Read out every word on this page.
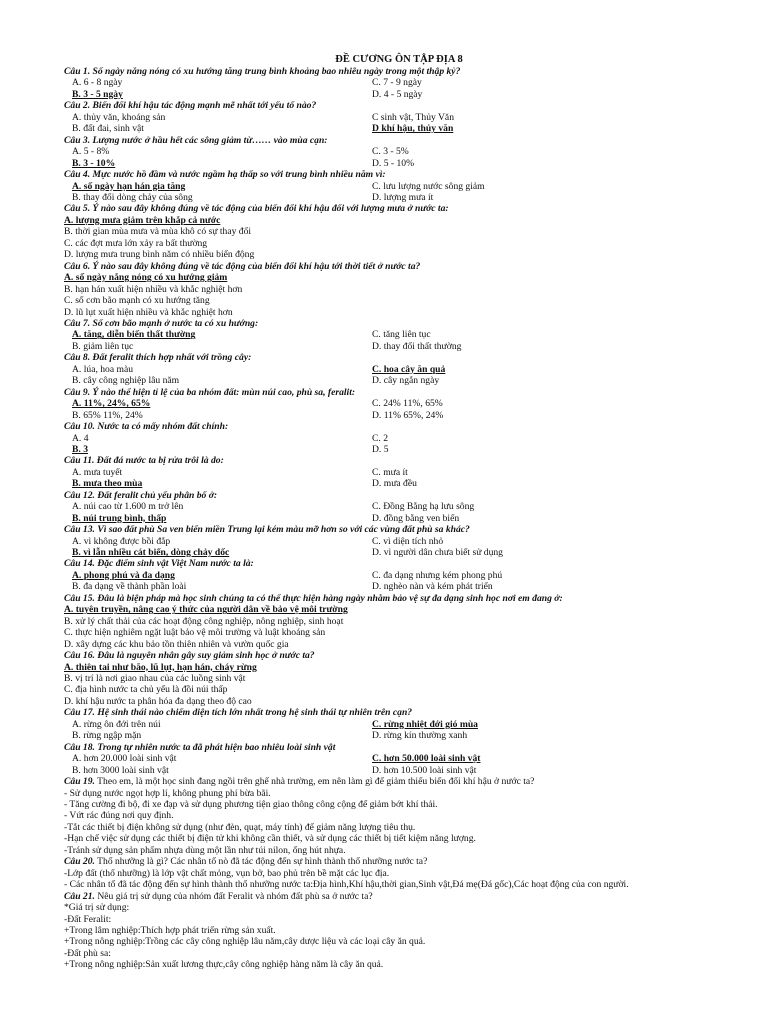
ĐỀ CƯƠNG ÔN TẬP ĐỊA 8
Câu 1. Số ngày nắng nóng có xu hướng tăng trung bình khoảng bao nhiêu ngày trong một thập kỷ?
A. 6 - 8 ngày	C. 7 - 9 ngày
B. 3 - 5 ngày	D. 4 - 5 ngày
Câu 2. Biến đổi khí hậu tác động mạnh mẽ nhất tới yếu tố nào?
A. thủy văn, khoáng sản	C sinh vật, Thủy Văn
B. đất đai, sinh vật	D khí hậu, thủy văn
Câu 3. Lượng nước ở hầu hết các sông giảm từ…… vào mùa cạn:
A. 5 - 8%	C. 3 - 5%
B. 3 - 10%	D. 5 - 10%
Câu 4. Mực nước hồ đầm và nước ngầm hạ thấp so với trung bình nhiều năm vì:
A. số ngày hạn hán gia tăng	C. lưu lượng nước sông giảm
B. thay đổi dòng chảy của sông	D. lượng mưa ít
Câu 5. Ý nào sau đây không đúng về tác động của biến đổi khí hậu đối với lượng mưa ở nước ta:
A. lượng mưa giảm trên khắp cả nước
B. thời gian mùa mưa và mùa khô có sự thay đổi
C. các đợt mưa lớn xảy ra bất thường
D. lượng mưa trung bình năm có nhiều biến động
Câu 6. Ý nào sau đây không đúng về tác động của biến đổi khí hậu tới thời tiết ở nước ta?
A. số ngày nắng nóng có xu hướng giảm
B. hạn hán xuất hiện nhiều và khắc nghiệt hơn
C. số cơn bão mạnh có xu hướng tăng
D. lũ lụt xuất hiện nhiều và khắc nghiệt hơn
Câu 7. Số cơn bão mạnh ở nước ta có xu hướng:
A. tăng, diễn biến thất thường	C. tăng liên tục
B. giảm liên tục	D. thay đổi thất thường
Câu 8. Đất feralit thích hợp nhất với trồng cây:
A. lúa, hoa màu	C. hoa cây ăn quả
B. cây công nghiệp lâu năm	D. cây ngắn ngày
Câu 9. Ý nào thể hiện tỉ lệ của ba nhóm đất: mùn núi cao, phù sa, feralit:
A. 11%, 24%, 65%	C. 24% 11%, 65%
B. 65% 11%, 24%	D. 11% 65%, 24%
Câu 10. Nước ta có mấy nhóm đất chính:
A. 4	C. 2
B. 3	D. 5
Câu 11. Đất đá nước ta bị rửa trôi là do:
A. mưa tuyết	C. mưa ít
B. mưa theo mùa	D. mưa đều
Câu 12. Đất feralit chủ yếu phân bố ở:
A. núi cao từ 1.600 m trở lên	C. Đồng Bằng hạ lưu sông
B. núi trung bình, thấp	D. đồng bằng ven biển
Câu 13. Vì sao đất phù Sa ven biển miền Trung lại kém màu mỡ hơn so với các vùng đất phù sa khác?
A. vì không được bồi đắp	C. vì diện tích nhỏ
B. vì lẫn nhiều cát biển, dòng chảy dốc	D. vì người dân chưa biết sử dụng
Câu 14. Đặc điểm sinh vật Việt Nam nước ta là:
A. phong phú và đa dạng	C. đa dạng nhưng kém phong phú
B. đa dạng về thành phần loài	D. nghèo nàn và kém phát triển
Câu 15. Đâu là biện pháp mà học sinh chúng ta có thể thực hiện hàng ngày nhằm bảo vệ sự đa dạng sinh học nơi em đang ở:
A. tuyên truyền, nâng cao ý thức của người dân về bảo vệ môi trường
B. xử lý chất thải của các hoạt động công nghiệp, nông nghiệp, sinh hoạt
C. thực hiện nghiêm ngặt luật bảo vệ môi trường và luật khoáng sản
D. xây dựng các khu bảo tồn thiên nhiên và vườn quốc gia
Câu 16. Đâu là nguyên nhân gây suy giảm sinh học ở nước ta?
A. thiên tai như bão, lũ lụt, hạn hán, cháy rừng
B. vị trí là nơi giao nhau của các luồng sinh vật
C. địa hình nước ta chủ yếu là đồi núi thấp
D. khí hậu nước ta phân hóa đa dạng theo độ cao
Câu 17. Hệ sinh thái nào chiếm diện tích lớn nhất trong hệ sinh thái tự nhiên trên cạn?
A. rừng ôn đới trên núi	C. rừng nhiệt đới gió mùa
B. rừng ngập mặn	D. rừng kín thường xanh
Câu 18. Trong tự nhiên nước ta đã phát hiện bao nhiêu loài sinh vật
A. hơn 20.000 loài sinh vật	C. hơn 50.000 loài sinh vật
B. hơn 3000 loài sinh vật	D. hơn 10.500 loài sinh vật
Câu 19. Theo em, là một học sinh đang ngồi trên ghế nhà trường, em nên làm gì để giảm thiểu biến đổi khí hậu ở nước ta?
- Sử dụng nước ngọt hợp lí, không phung phí bừa bãi.
- Tăng cường đi bộ, đi xe đạp và sử dụng phương tiện giao thông công cộng để giảm bớt khí thải.
- Vứt rác đúng nơi quy định.
-Tắt các thiết bị điện không sử dụng (như đèn, quạt, máy tính) để giảm năng lượng tiêu thụ.
-Hạn chế việc sử dụng các thiết bị điện tử khi không cần thiết, và sử dụng các thiết bị tiết kiệm năng lượng.
-Tránh sử dụng sản phẩm nhựa dùng một lần như túi nilon, ống hút nhựa.
Câu 20. Thổ nhưỡng là gì? Các nhân tố nò đã tác động đến sự hình thành thổ nhưỡng nước ta?
-Lớp đất (thổ nhưỡng) là lớp vật chất mỏng, vụn bở, bao phủ trên bề mặt các lục địa.
- Các nhân tố đã tác động đến sự hình thành thổ nhưỡng nước ta:Địa hình,Khí hậu,thời gian,Sinh vật,Đá mẹ(Đá gốc),Các hoạt động của con người.
Câu 21. Nêu giá trị sử dụng của nhóm đất Feralit và nhóm đất phù sa ở nước ta?
*Giá trị sử dụng:
-Đất Feralit:
+Trong lâm nghiệp:Thích hợp phát triển rừng sản xuất.
+Trong nông nghiệp:Trồng các cây công nghiệp lâu năm,cây dược liệu và các loại cây ăn quả.
-Đất phù sa:
+Trong nông nghiệp:Sản xuất lương thực,cây công nghiệp hàng năm là cây ăn quả.
